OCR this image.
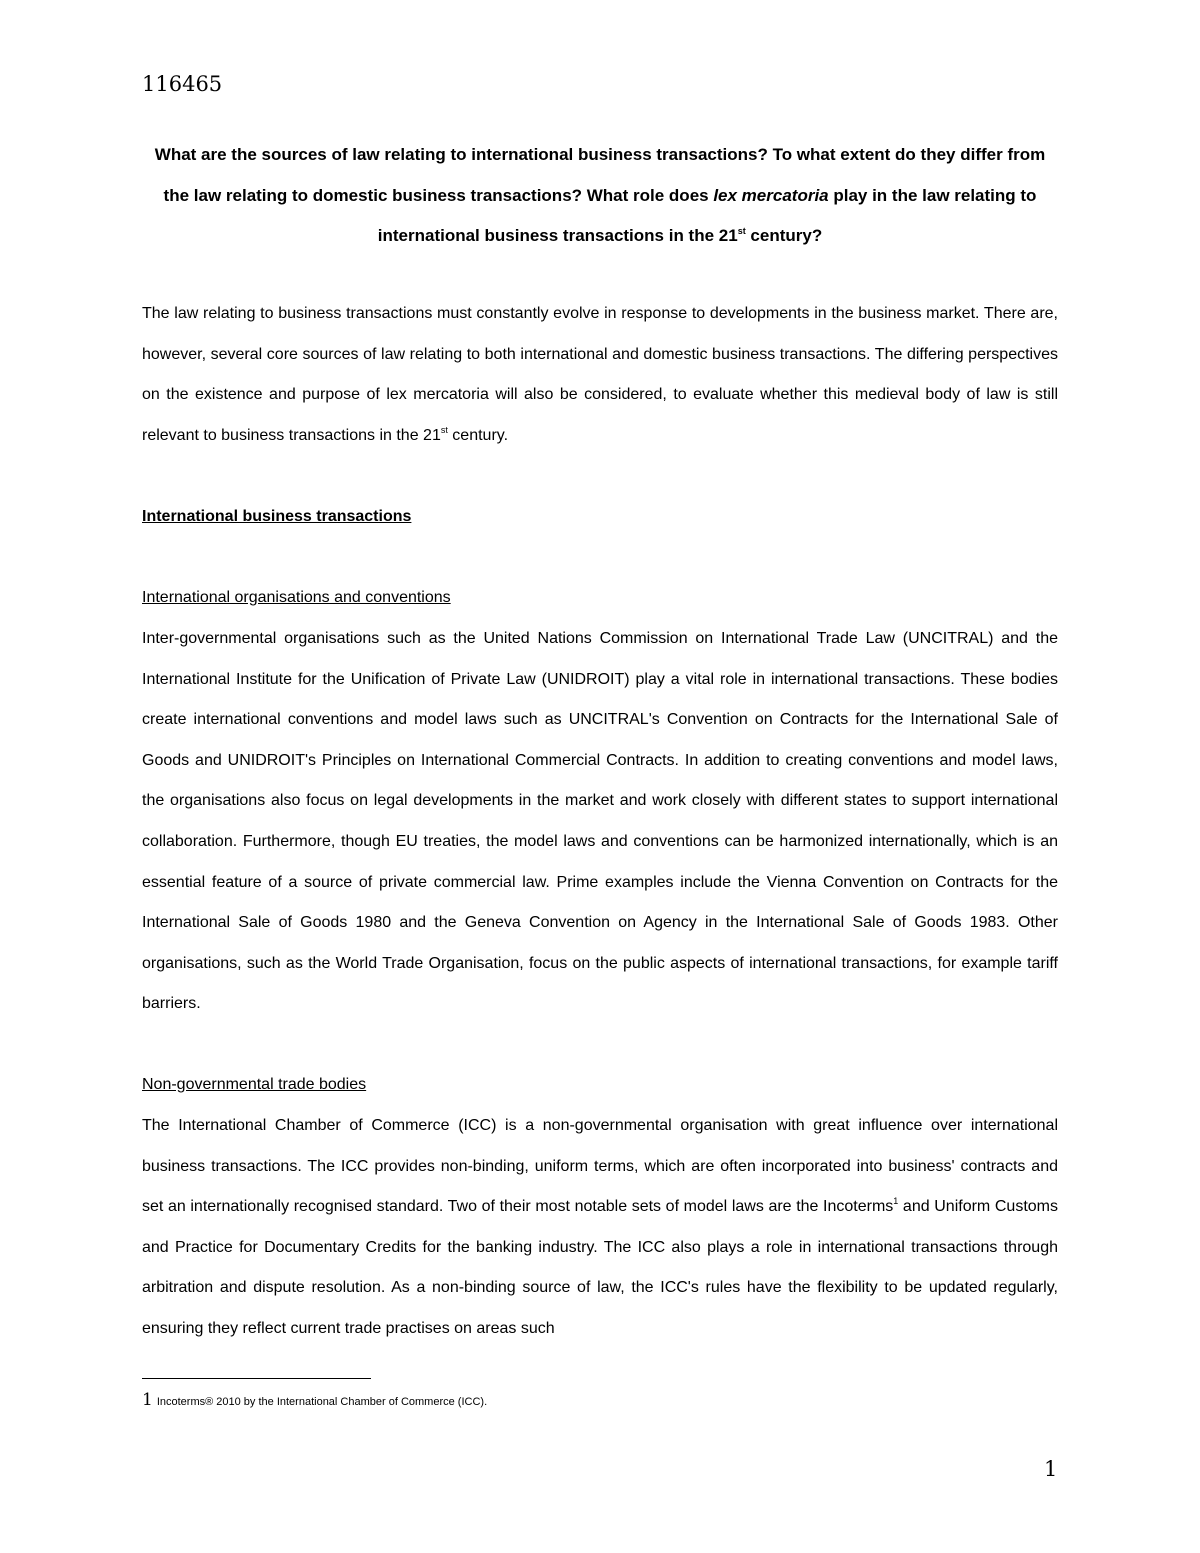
116465
What are the sources of law relating to international business transactions? To what extent do they differ from the law relating to domestic business transactions? What role does lex mercatoria play in the law relating to international business transactions in the 21st century?
The law relating to business transactions must constantly evolve in response to developments in the business market. There are, however, several core sources of law relating to both international and domestic business transactions. The differing perspectives on the existence and purpose of lex mercatoria will also be considered, to evaluate whether this medieval body of law is still relevant to business transactions in the 21st century.
International business transactions
International organisations and conventions
Inter-governmental organisations such as the United Nations Commission on International Trade Law (UNCITRAL) and the International Institute for the Unification of Private Law (UNIDROIT) play a vital role in international transactions. These bodies create international conventions and model laws such as UNCITRAL's Convention on Contracts for the International Sale of Goods and UNIDROIT's Principles on International Commercial Contracts. In addition to creating conventions and model laws, the organisations also focus on legal developments in the market and work closely with different states to support international collaboration. Furthermore, though EU treaties, the model laws and conventions can be harmonized internationally, which is an essential feature of a source of private commercial law. Prime examples include the Vienna Convention on Contracts for the International Sale of Goods 1980 and the Geneva Convention on Agency in the International Sale of Goods 1983. Other organisations, such as the World Trade Organisation, focus on the public aspects of international transactions, for example tariff barriers.
Non-governmental trade bodies
The International Chamber of Commerce (ICC) is a non-governmental organisation with great influence over international business transactions. The ICC provides non-binding, uniform terms, which are often incorporated into business' contracts and set an internationally recognised standard. Two of their most notable sets of model laws are the Incoterms$^1$ and Uniform Customs and Practice for Documentary Credits for the banking industry. The ICC also plays a role in international transactions through arbitration and dispute resolution. As a non-binding source of law, the ICC's rules have the flexibility to be updated regularly, ensuring they reflect current trade practises on areas such
1 Incoterms® 2010 by the International Chamber of Commerce (ICC).
1
